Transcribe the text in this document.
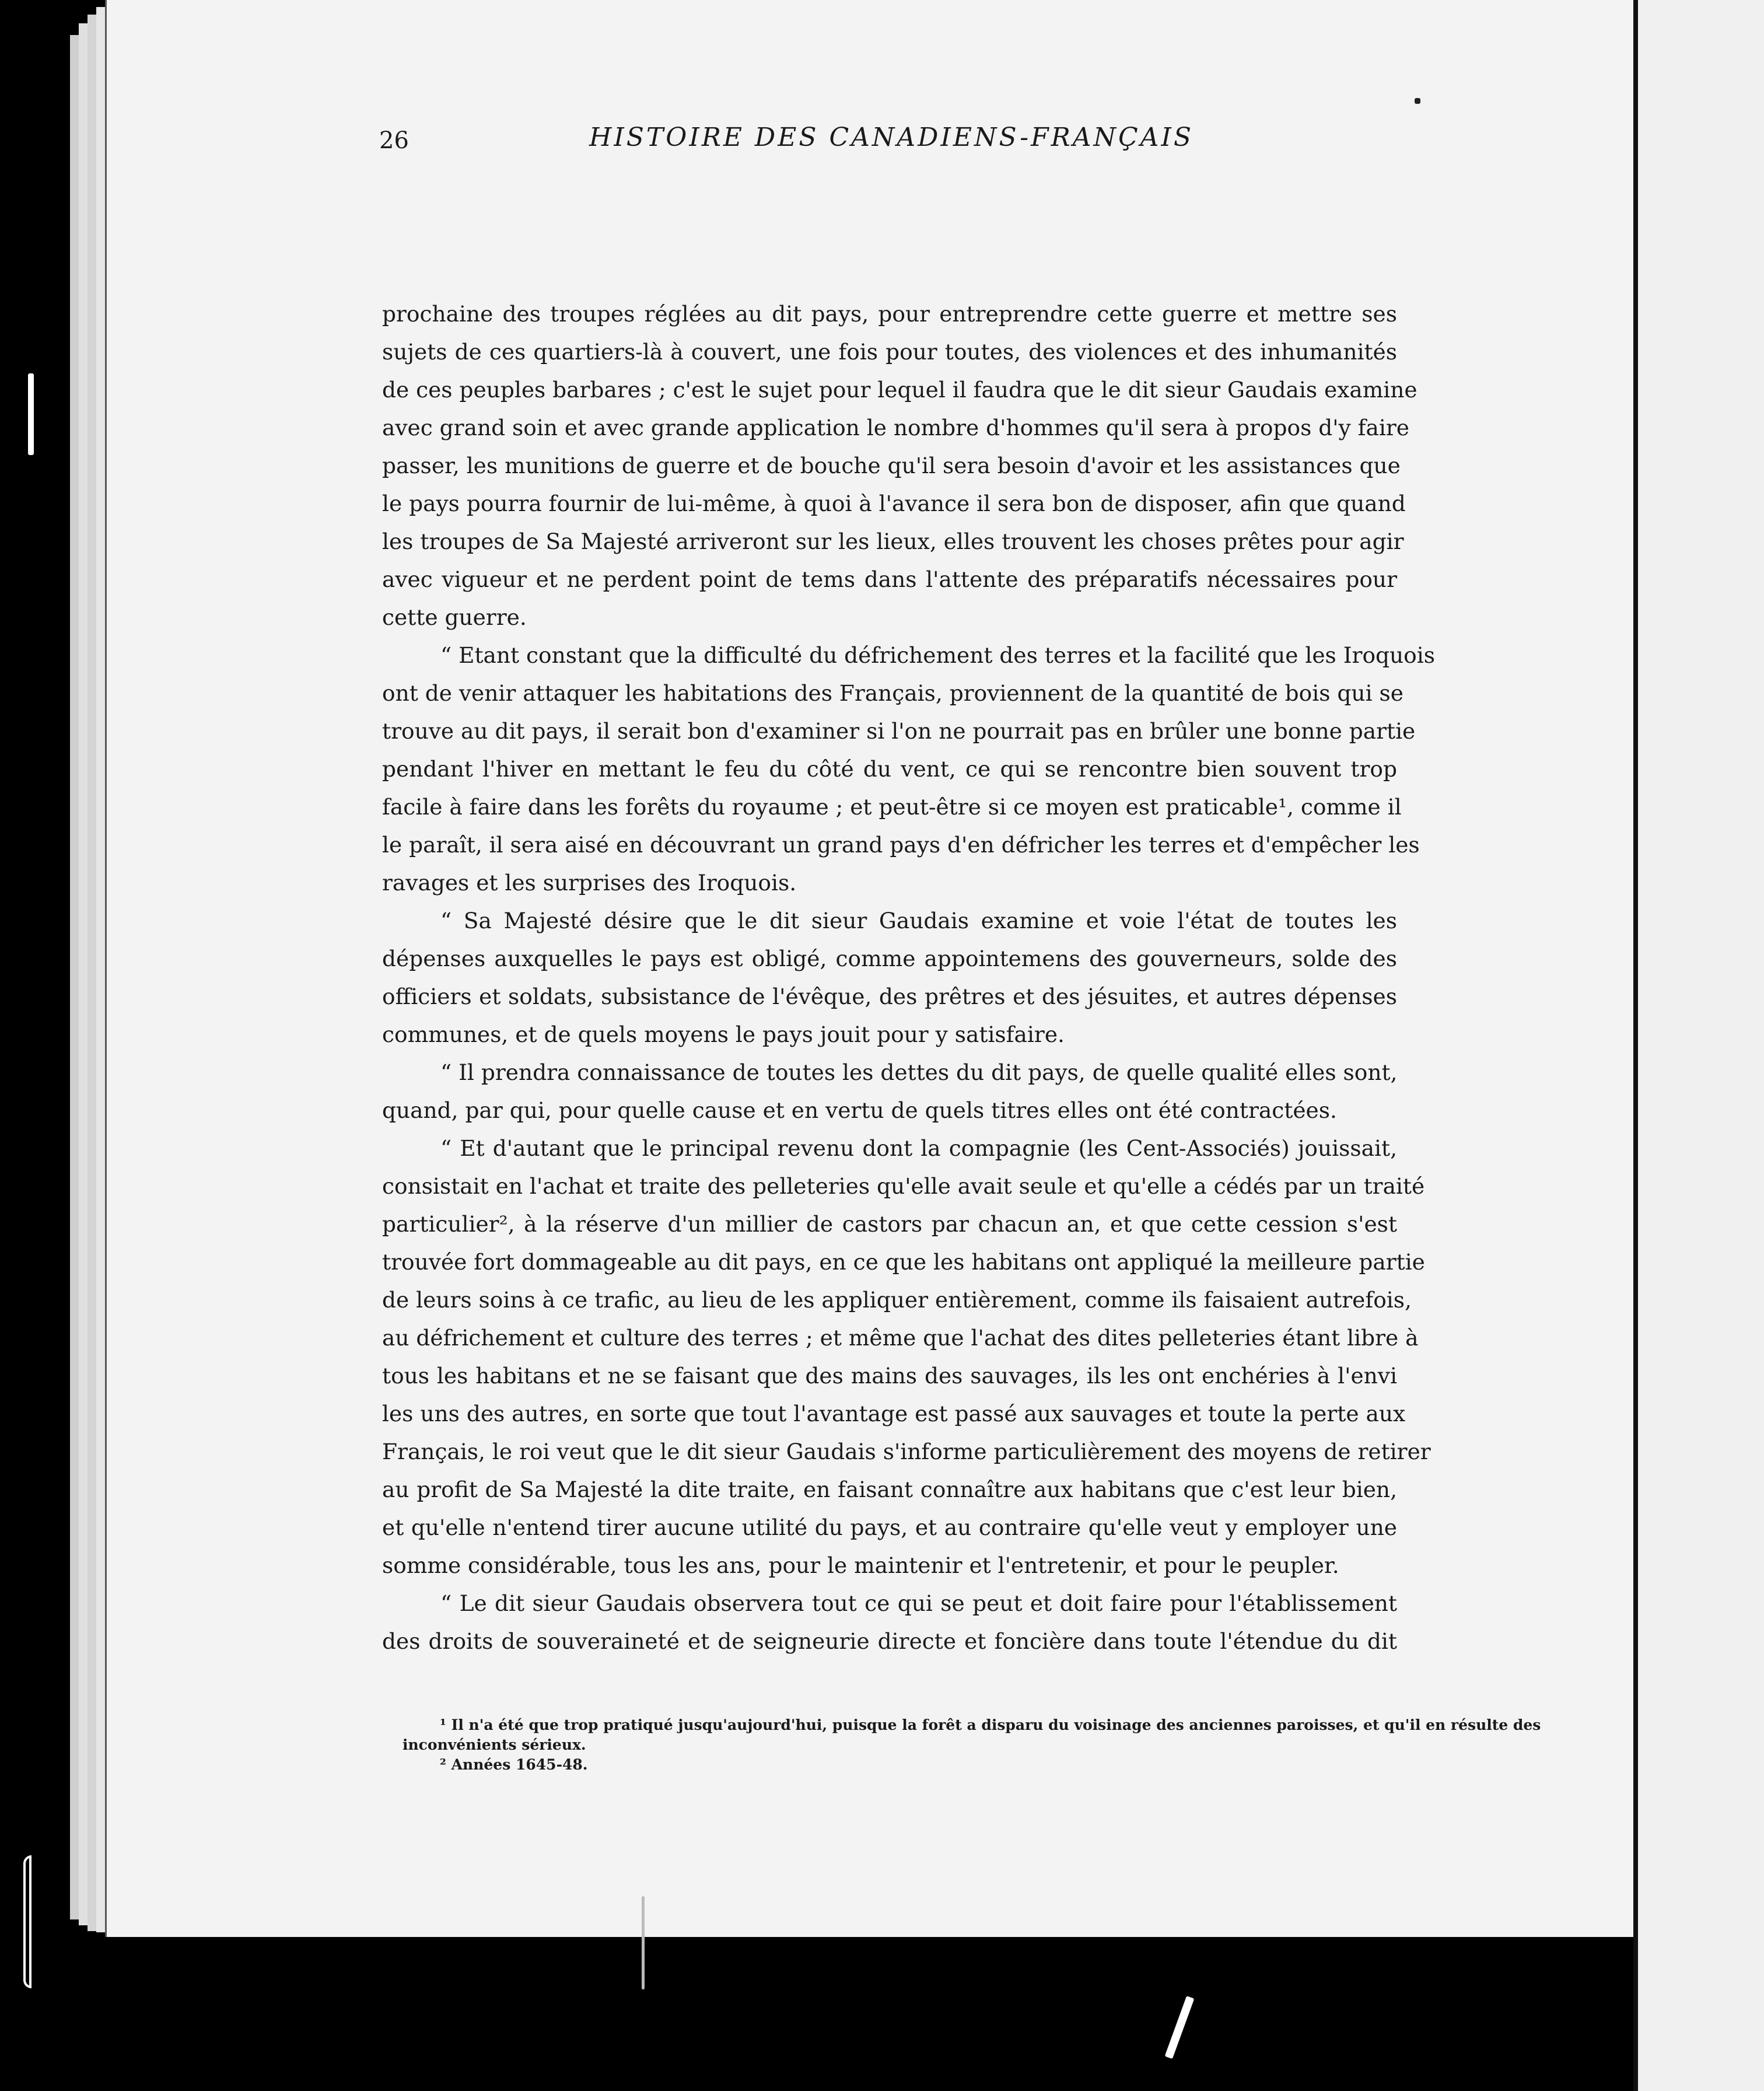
26	HISTOIRE DES CANADIENS-FRANÇAIS
prochaine des troupes réglées au dit pays, pour entreprendre cette guerre et mettre ses
sujets de ces quartiers-là à couvert, une fois pour toutes, des violences et des inhumanités
de ces peuples barbares ; c'est le sujet pour lequel il faudra que le dit sieur Gaudais examine
avec grand soin et avec grande application le nombre d'hommes qu'il sera à propos d'y faire
passer, les munitions de guerre et de bouche qu'il sera besoin d'avoir et les assistances que
le pays pourra fournir de lui-même, à quoi à l'avance il sera bon de disposer, afin que quand
les troupes de Sa Majesté arriveront sur les lieux, elles trouvent les choses prêtes pour agir
avec vigueur et ne perdent point de tems dans l'attente des préparatifs nécessaires pour
cette guerre.
“ Etant constant que la difficulté du défrichement des terres et la facilité que les Iroquois
ont de venir attaquer les habitations des Français, proviennent de la quantité de bois qui se
trouve au dit pays, il serait bon d'examiner si l'on ne pourrait pas en brûler une bonne partie
pendant l'hiver en mettant le feu du côté du vent, ce qui se rencontre bien souvent trop
facile à faire dans les forêts du royaume ; et peut-être si ce moyen est praticable¹, comme il
le paraît, il sera aisé en découvrant un grand pays d'en défricher les terres et d'empêcher les
ravages et les surprises des Iroquois.
“ Sa Majesté désire que le dit sieur Gaudais examine et voie l'état de toutes les
dépenses auxquelles le pays est obligé, comme appointemens des gouverneurs, solde des
officiers et soldats, subsistance de l'évêque, des prêtres et des jésuites, et autres dépenses
communes, et de quels moyens le pays jouit pour y satisfaire.
“ Il prendra connaissance de toutes les dettes du dit pays, de quelle qualité elles sont,
quand, par qui, pour quelle cause et en vertu de quels titres elles ont été contractées.
“ Et d'autant que le principal revenu dont la compagnie (les Cent-Associés) jouissait,
consistait en l'achat et traite des pelleteries qu'elle avait seule et qu'elle a cédés par un traité
particulier², à la réserve d'un millier de castors par chacun an, et que cette cession s'est
trouvée fort dommageable au dit pays, en ce que les habitans ont appliqué la meilleure partie
de leurs soins à ce trafic, au lieu de les appliquer entièrement, comme ils faisaient autrefois,
au défrichement et culture des terres ; et même que l'achat des dites pelleteries étant libre à
tous les habitans et ne se faisant que des mains des sauvages, ils les ont enchéries à l'envi
les uns des autres, en sorte que tout l'avantage est passé aux sauvages et toute la perte aux
Français, le roi veut que le dit sieur Gaudais s'informe particulièrement des moyens de retirer
au profit de Sa Majesté la dite traite, en faisant connaître aux habitans que c'est leur bien,
et qu'elle n'entend tirer aucune utilité du pays, et au contraire qu'elle veut y employer une
somme considérable, tous les ans, pour le maintenir et l'entretenir, et pour le peupler.
“ Le dit sieur Gaudais observera tout ce qui se peut et doit faire pour l'établissement
des droits de souveraineté et de seigneurie directe et foncière dans toute l'étendue du dit
¹ Il n'a été que trop pratiqué jusqu'aujourd'hui, puisque la forêt a disparu du voisinage des anciennes paroisses, et qu'il en résulte des
inconvénients sérieux.
² Années 1645-48.
